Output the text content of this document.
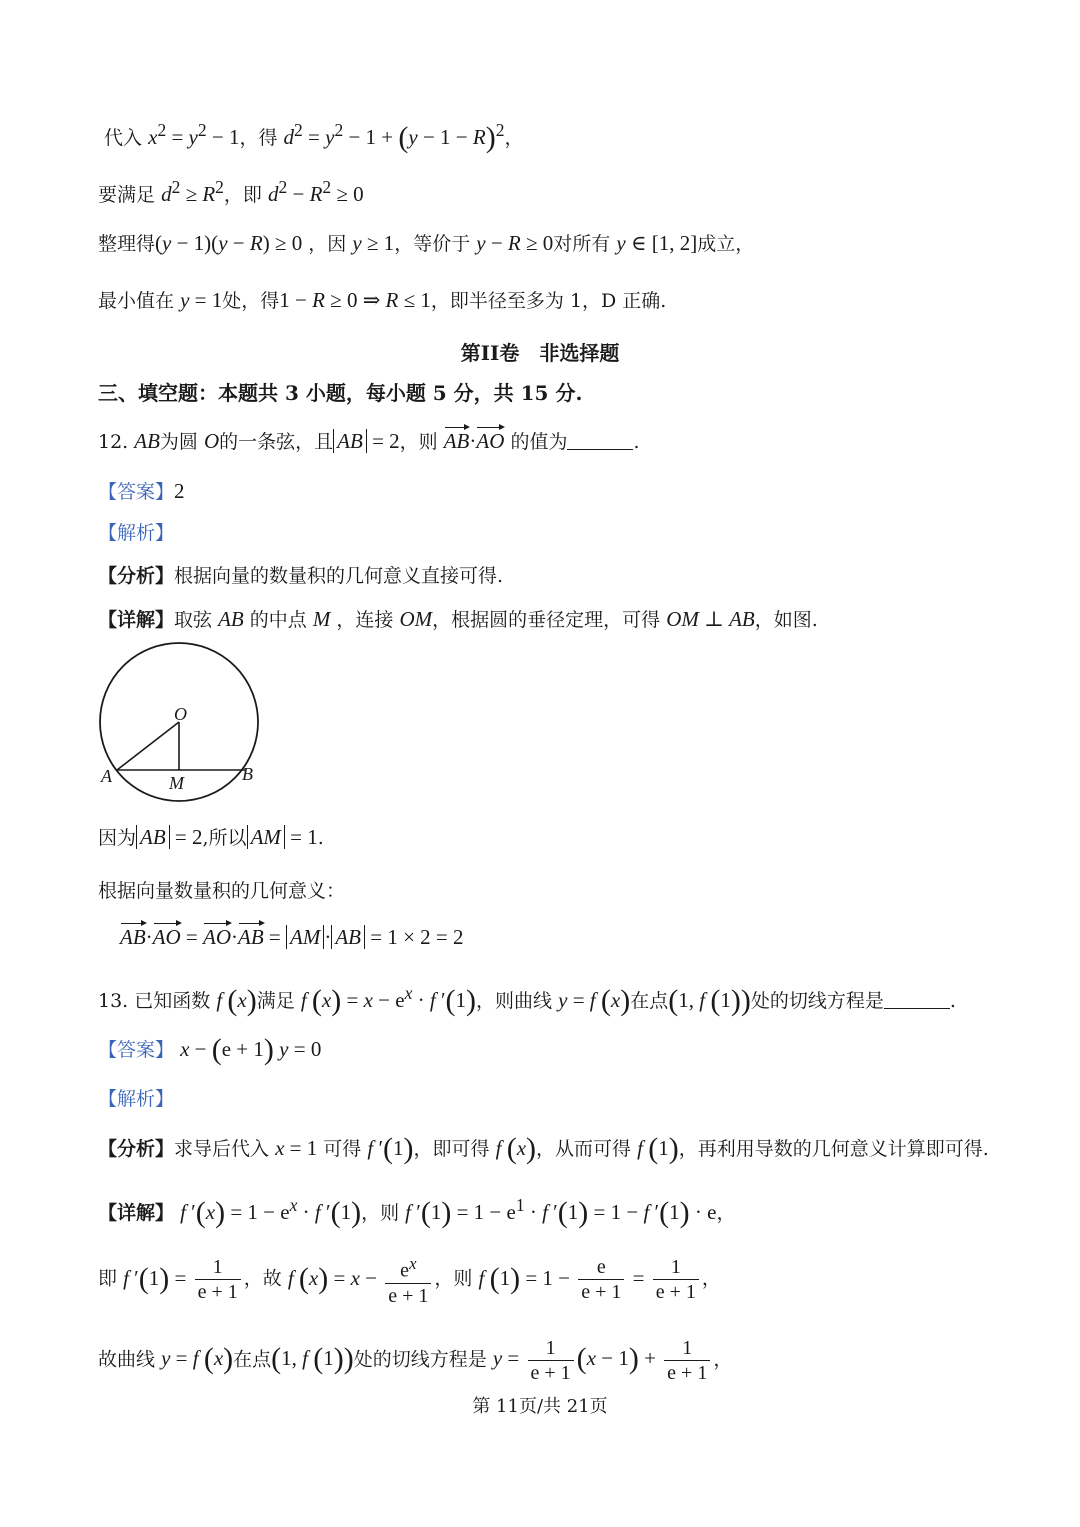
代入 $x^2 = y^2 - 1$，得 $d^2 = y^2 - 1 + (y - 1 - R)^2$，
要满足 $d^2 \ge R^2$，即 $d^2 - R^2 \ge 0$
整理得(y − 1)(y − R) ≥ 0 ，因 y ≥ 1，等价于 y − R ≥ 0对所有 y ∈ [1, 2]成立，
最小值在 y = 1处，得1 − R ≥ 0 ⇒ R ≤ 1，即半径至多为 1，D 正确.
第II卷　非选择题
三、填空题：本题共 3 小题，每小题 5 分，共 15 分.
12. AB为圆 O的一条弦，且 AB = 2，则 AB·AO 的值为	.
【答案】2
【解析】
【分析】根据向量的数量积的几何意义直接可得.
【详解】取弦 AB 的中点 M ，连接 OM，根据圆的垂径定理，可得 OM ⊥ AB，如图.
O
A	B
M
因为 AB = 2,所以 AM = 1.
根据向量数量积的几何意义：
AB·AO = AO·AB = AM · AB = 1 × 2 = 2
13. 已知函数 f (x)满足 f $(x) = x - e^x \cdot f$ ′(1)，则曲线 y = f (x)在点(1, f (1))处的切线方程是	.
【答案】 x − (e + 1) y = 0
【解析】
【分析】求导后代入 x = 1 可得 f ′(1)，即可得 f (x)，从而可得 f (1)，再利用导数的几何意义计算即可得.
【详解】 f $'(x) = 1 - e^x \cdot f$ ′(1)，则 f $'(1) = 1 - e^1 \cdot f$ ′(1) = 1 − f ′(1) · e，
即 f $'(1) = \frac{1}{e + 1}$ ，故 f $(x) = x - \frac{e^x}{e + 1}$ ，则 f $(1) = 1 - \frac{e}{e + 1} = \frac{1}{e + 1}$ ，
故曲线 y = f (x)在点(1, f (1))处的切线方程是 $y = \frac{1}{e + 1} (x - 1) + \frac{1}{e + 1}$ ，
第 11页/共 21页
